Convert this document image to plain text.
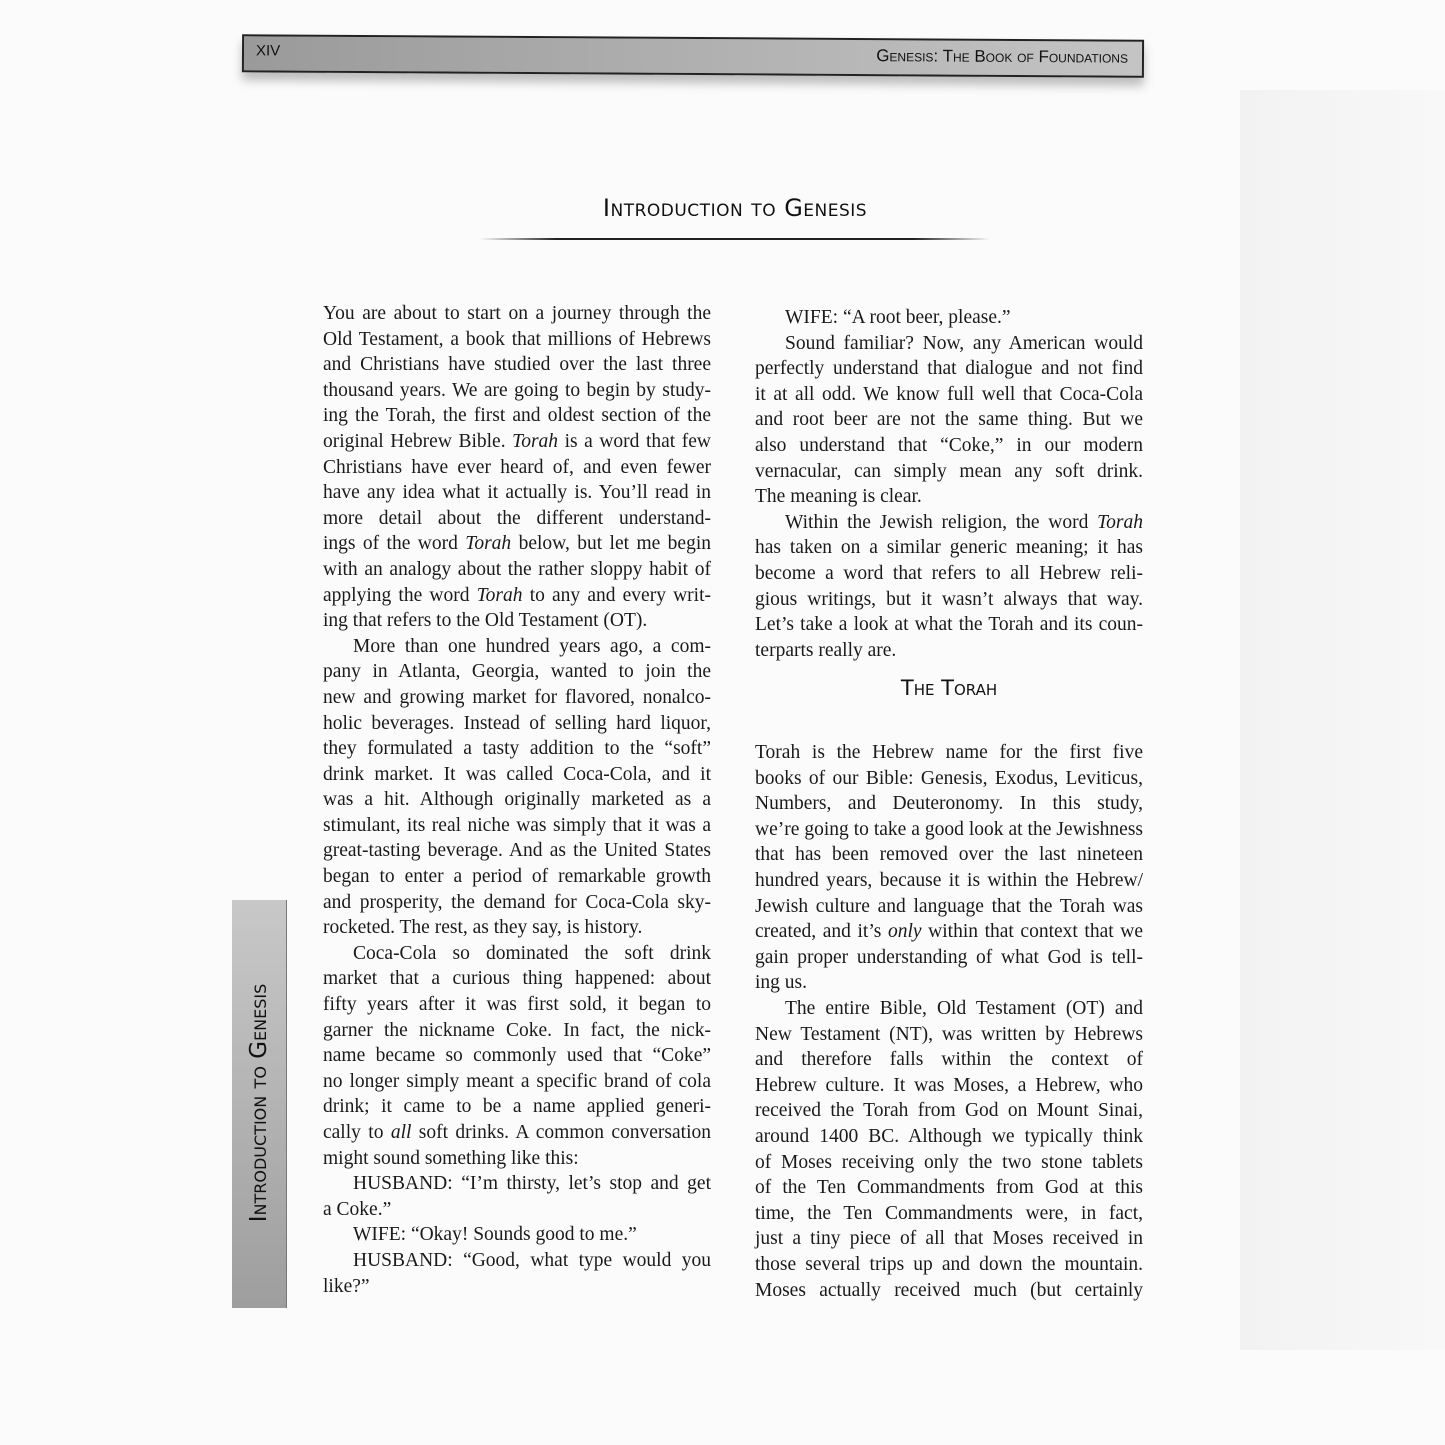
XIV	Genesis: The Book of Foundations
Introduction to Genesis
You are about to start on a journey through the
Old Testament, a book that millions of Hebrews
and Christians have studied over the last three
thousand years. We are going to begin by study-
ing the Torah, the first and oldest section of the
original Hebrew Bible. Torah is a word that few
Christians have ever heard of, and even fewer
have any idea what it actually is. You’ll read in
more detail about the different understand-
ings of the word Torah below, but let me begin
with an analogy about the rather sloppy habit of
applying the word Torah to any and every writ-
ing that refers to the Old Testament (OT).
More than one hundred years ago, a com-
pany in Atlanta, Georgia, wanted to join the
new and growing market for flavored, nonalco-
holic beverages. Instead of selling hard liquor,
they formulated a tasty addition to the “soft”
drink market. It was called Coca-Cola, and it
was a hit. Although originally marketed as a
stimulant, its real niche was simply that it was a
great-tasting beverage. And as the United States
began to enter a period of remarkable growth
and prosperity, the demand for Coca-Cola sky-
rocketed. The rest, as they say, is history.
Coca-Cola so dominated the soft drink
market that a curious thing happened: about
fifty years after it was first sold, it began to
garner the nickname Coke. In fact, the nick-
name became so commonly used that “Coke”
no longer simply meant a specific brand of cola
drink; it came to be a name applied generi-
cally to all soft drinks. A common conversation
might sound something like this:
HUSBAND: “I’m thirsty, let’s stop and get
a Coke.”
WIFE: “Okay! Sounds good to me.”
HUSBAND: “Good, what type would you
like?”
WIFE: “A root beer, please.”
Sound familiar? Now, any American would
perfectly understand that dialogue and not find
it at all odd. We know full well that Coca-Cola
and root beer are not the same thing. But we
also understand that “Coke,” in our modern
vernacular, can simply mean any soft drink.
The meaning is clear.
Within the Jewish religion, the word Torah
has taken on a similar generic meaning; it has
become a word that refers to all Hebrew reli-
gious writings, but it wasn’t always that way.
Let’s take a look at what the Torah and its coun-
terparts really are.
The Torah
Torah is the Hebrew name for the first five
books of our Bible: Genesis, Exodus, Leviticus,
Numbers, and Deuteronomy. In this study,
we’re going to take a good look at the Jewishness
that has been removed over the last nineteen
hundred years, because it is within the Hebrew/
Jewish culture and language that the Torah was
created, and it’s only within that context that we
gain proper understanding of what God is tell-
ing us.
The entire Bible, Old Testament (OT) and
New Testament (NT), was written by Hebrews
and therefore falls within the context of
Hebrew culture. It was Moses, a Hebrew, who
received the Torah from God on Mount Sinai,
around 1400 BC. Although we typically think
of Moses receiving only the two stone tablets
of the Ten Commandments from God at this
time, the Ten Commandments were, in fact,
just a tiny piece of all that Moses received in
those several trips up and down the mountain.
Moses actually received much (but certainly
Introduction to Genesis
